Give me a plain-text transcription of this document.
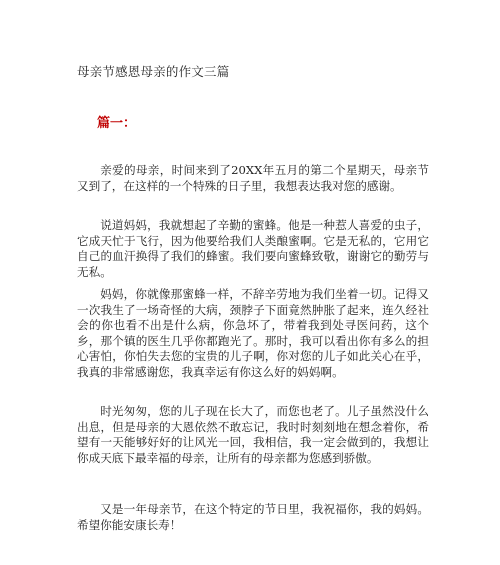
母亲节感恩母亲的作文三篇
篇一：

亲爱的母亲，时间来到了20XX年五月的第二个星期天，母亲节又到了，在这样的一个特殊的日子里，我想表达我对您的感谢。

说道妈妈，我就想起了辛勤的蜜蜂。他是一种惹人喜爱的虫子，它成天忙于飞行，因为他要给我们人类酿蜜啊。它是无私的，它用它自己的血汗换得了我们的蜂蜜。我们要向蜜蜂致敬，谢谢它的勤劳与无私。

妈妈，你就像那蜜蜂一样，不辞辛劳地为我们坐着一切。记得又一次我生了一场奇怪的大病，颈脖子下面竟然肿胀了起来，连久经社会的你也看不出是什么病，你急坏了，带着我到处寻医问药，这个乡，那个镇的医生几乎你都跑光了。那时，我可以看出你有多么的担心害怕，你怕失去您的宝贵的儿子啊，你对您的儿子如此关心在乎，我真的非常感谢您，我真幸运有你这么好的妈妈啊。

时光匆匆，您的儿子现在长大了，而您也老了。儿子虽然没什么出息，但是母亲的大恩依然不敢忘记，我时时刻刻地在想念着你，希望有一天能够好好的让风光一回，我相信，我一定会做到的，我想让你成天底下最幸福的母亲，让所有的母亲都为您感到骄傲。

又是一年母亲节，在这个特定的节日里，我祝福你，我的妈妈。希望你能安康长寿！
